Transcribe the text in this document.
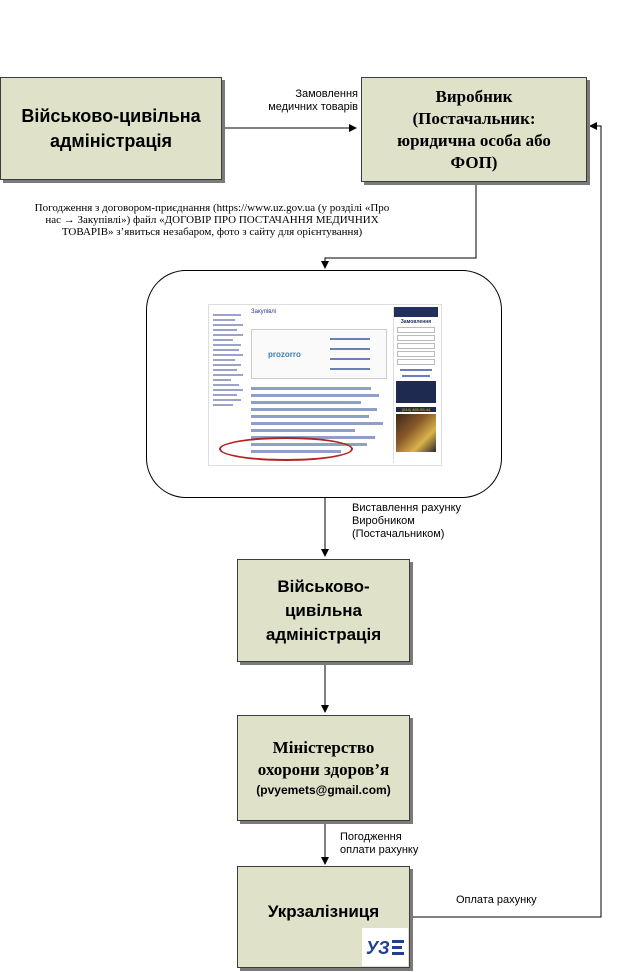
Військово-цивільна адміністрація
Виробник
(Постачальник: юридична особа або ФОП)
Замовлення медичних товарів
Погодження з договором-приєднання (https://www.uz.gov.ua (у розділі «Про нас → Закупівлі») файл «ДОГОВІР ПРО ПОСТАЧАННЯ МЕДИЧНИХ ТОВАРІВ» з’явиться незабаром, фото з сайту для орієнтування)
Закупівлі
prozorro
Замовлення
(044) 465-55-44
Виставлення рахунку Виробником (Постачальником)
Військово-цивільна адміністрація
Міністерство охорони здоров’я
(pvyemets@gmail.com)
Погодження оплати рахунку
Оплата рахунку
Укрзалізниця
УЗ
